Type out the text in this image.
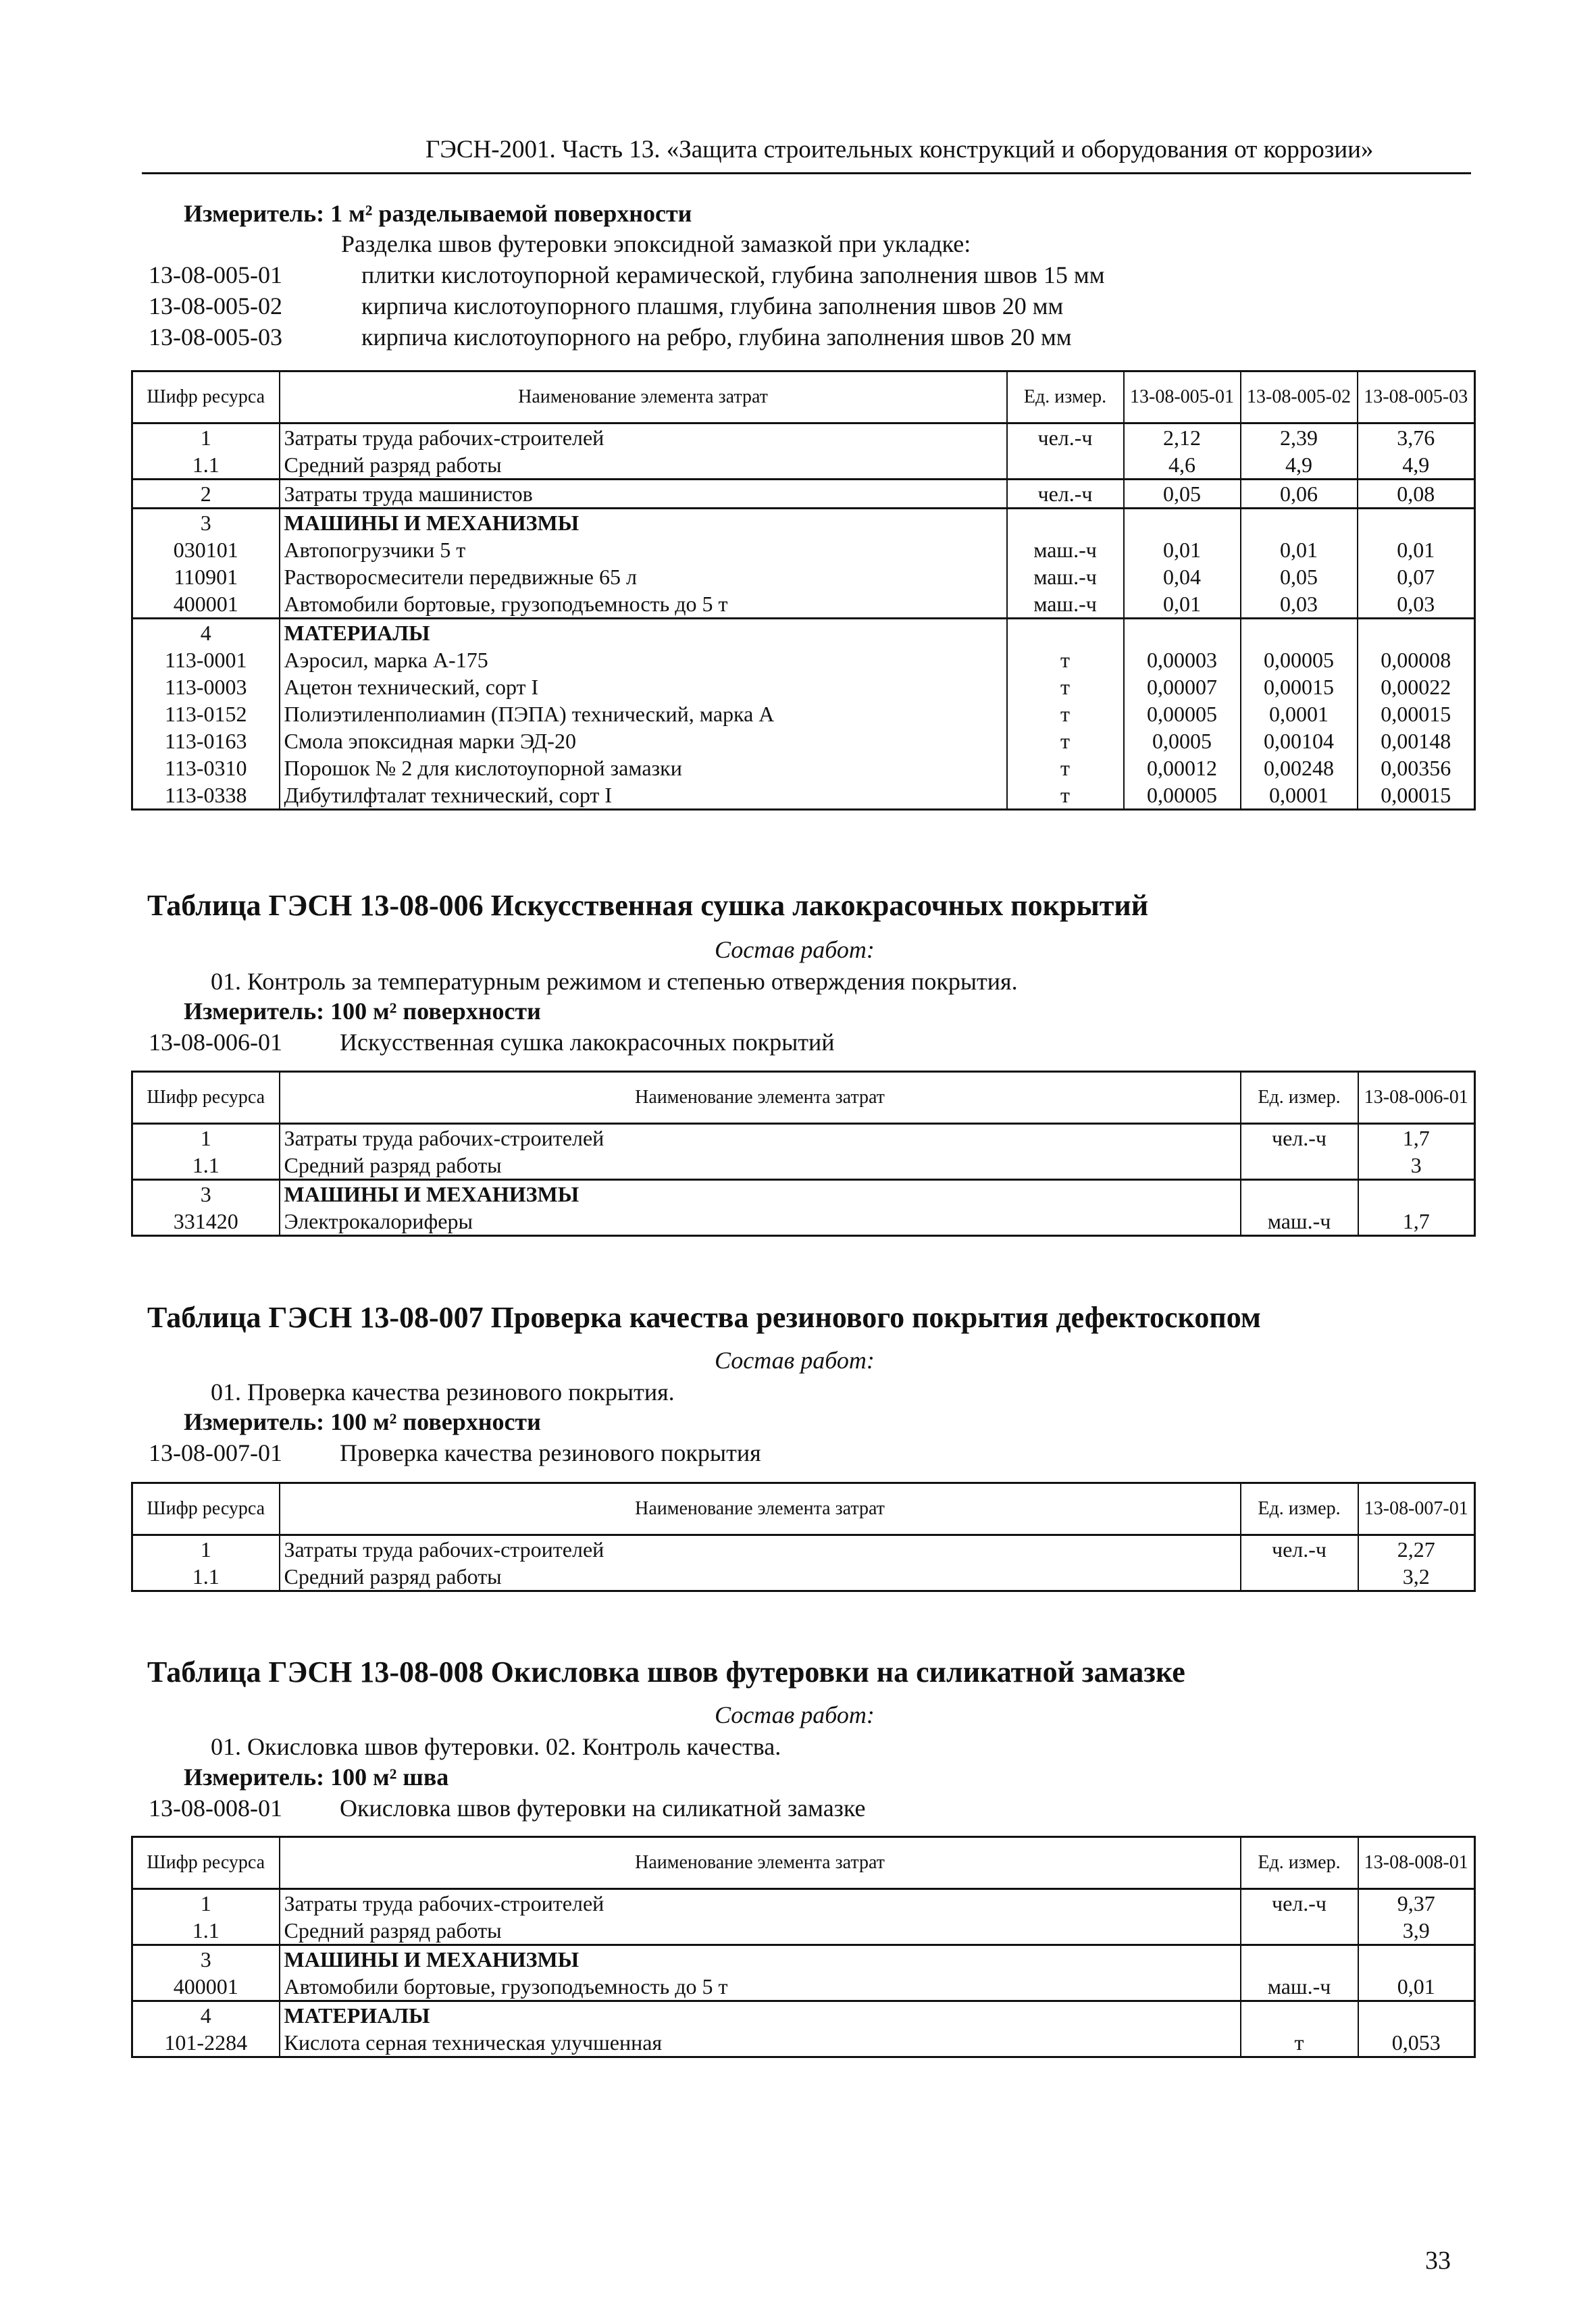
ГЭСН-2001. Часть 13. «Защита строительных конструкций и оборудования от коррозии»
Измеритель: 1 м² разделываемой поверхности
Разделка швов футеровки эпоксидной замазкой при укладке:
13-08-005-01	плитки кислотоупорной керамической, глубина заполнения швов 15 мм
13-08-005-02	кирпича кислотоупорного плашмя, глубина заполнения швов 20 мм
13-08-005-03	кирпича кислотоупорного на ребро, глубина заполнения швов 20 мм
Шифр ресурса	Наименование элемента затрат	Ед. измер.	13-08-005-01	13-08-005-02	13-08-005-03
1	Затраты труда рабочих-строителей	чел.-ч	2,12	2,39	3,76
1.1	Средний разряд работы		4,6	4,9	4,9
2	Затраты труда машинистов	чел.-ч	0,05	0,06	0,08
3	МАШИНЫ И МЕХАНИЗМЫ				
030101	Автопогрузчики 5 т	маш.-ч	0,01	0,01	0,01
110901	Растворосмесители передвижные 65 л	маш.-ч	0,04	0,05	0,07
400001	Автомобили бортовые, грузоподъемность до 5 т	маш.-ч	0,01	0,03	0,03
4	МАТЕРИАЛЫ				
113-0001	Аэросил, марка А-175	т	0,00003	0,00005	0,00008
113-0003	Ацетон технический, сорт I	т	0,00007	0,00015	0,00022
113-0152	Полиэтиленполиамин (ПЭПА) технический, марка А	т	0,00005	0,0001	0,00015
113-0163	Смола эпоксидная марки ЭД-20	т	0,0005	0,00104	0,00148
113-0310	Порошок № 2 для кислотоупорной замазки	т	0,00012	0,00248	0,00356
113-0338	Дибутилфталат технический, сорт I	т	0,00005	0,0001	0,00015
Таблица ГЭСН 13-08-006 Искусственная сушка лакокрасочных покрытий
Состав работ:
01. Контроль за температурным режимом и степенью отверждения покрытия.
Измеритель: 100 м² поверхности
13-08-006-01 Искусственная сушка лакокрасочных покрытий
Шифр ресурса	Наименование элемента затрат	Ед. измер.	13-08-006-01
1	Затраты труда рабочих-строителей	чел.-ч	1,7
1.1	Средний разряд работы		3
3	МАШИНЫ И МЕХАНИЗМЫ		
331420	Электрокалориферы	маш.-ч	1,7
Таблица ГЭСН 13-08-007 Проверка качества резинового покрытия дефектоскопом
Состав работ:
01. Проверка качества резинового покрытия.
Измеритель: 100 м² поверхности
13-08-007-01 Проверка качества резинового покрытия
Шифр ресурса	Наименование элемента затрат	Ед. измер.	13-08-007-01
1	Затраты труда рабочих-строителей	чел.-ч	2,27
1.1	Средний разряд работы		3,2
Таблица ГЭСН 13-08-008 Окисловка швов футеровки на силикатной замазке
Состав работ:
01. Окисловка швов футеровки. 02. Контроль качества.
Измеритель: 100 м² шва
13-08-008-01 Окисловка швов футеровки на силикатной замазке
Шифр ресурса	Наименование элемента затрат	Ед. измер.	13-08-008-01
1	Затраты труда рабочих-строителей	чел.-ч	9,37
1.1	Средний разряд работы		3,9
3	МАШИНЫ И МЕХАНИЗМЫ		
400001	Автомобили бортовые, грузоподъемность до 5 т	маш.-ч	0,01
4	МАТЕРИАЛЫ		
101-2284	Кислота серная техническая улучшенная	т	0,053
33
